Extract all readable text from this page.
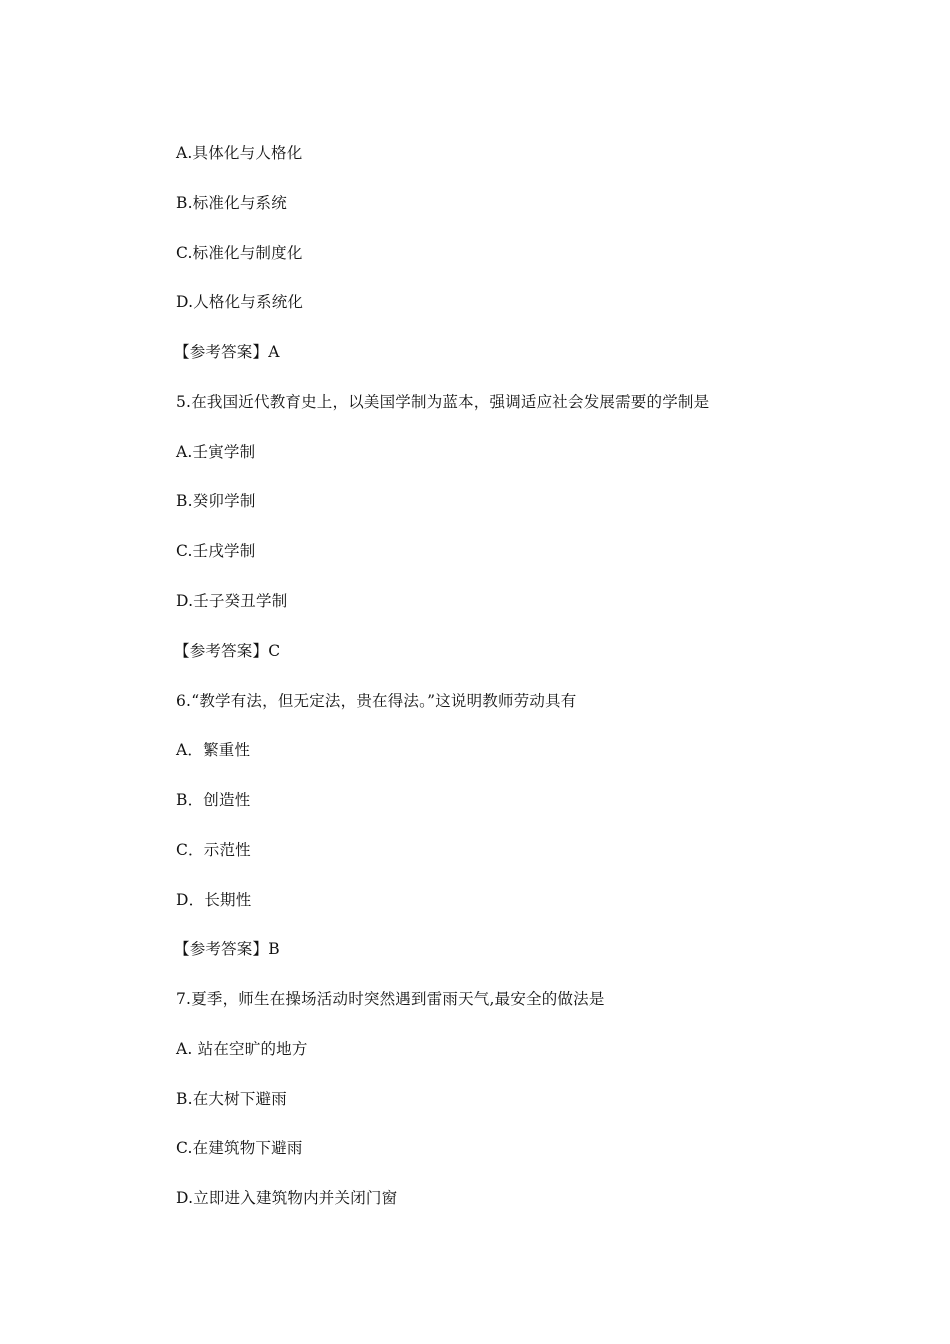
A.具体化与人格化
B.标准化与系统
C.标准化与制度化
D.人格化与系统化
【参考答案】A
5.在我国近代教育史上，以美国学制为蓝本，强调适应社会发展需要的学制是
A.壬寅学制
B.癸卯学制
C.壬戌学制
D.壬子癸丑学制
【参考答案】C
6.“教学有法，但无定法，贵在得法。”这说明教师劳动具有
A．繁重性
B．创造性
C．示范性
D．长期性
【参考答案】B
7.夏季，师生在操场活动时突然遇到雷雨天气,最安全的做法是
A. 站在空旷的地方
B.在大树下避雨
C.在建筑物下避雨
D.立即进入建筑物内并关闭门窗
